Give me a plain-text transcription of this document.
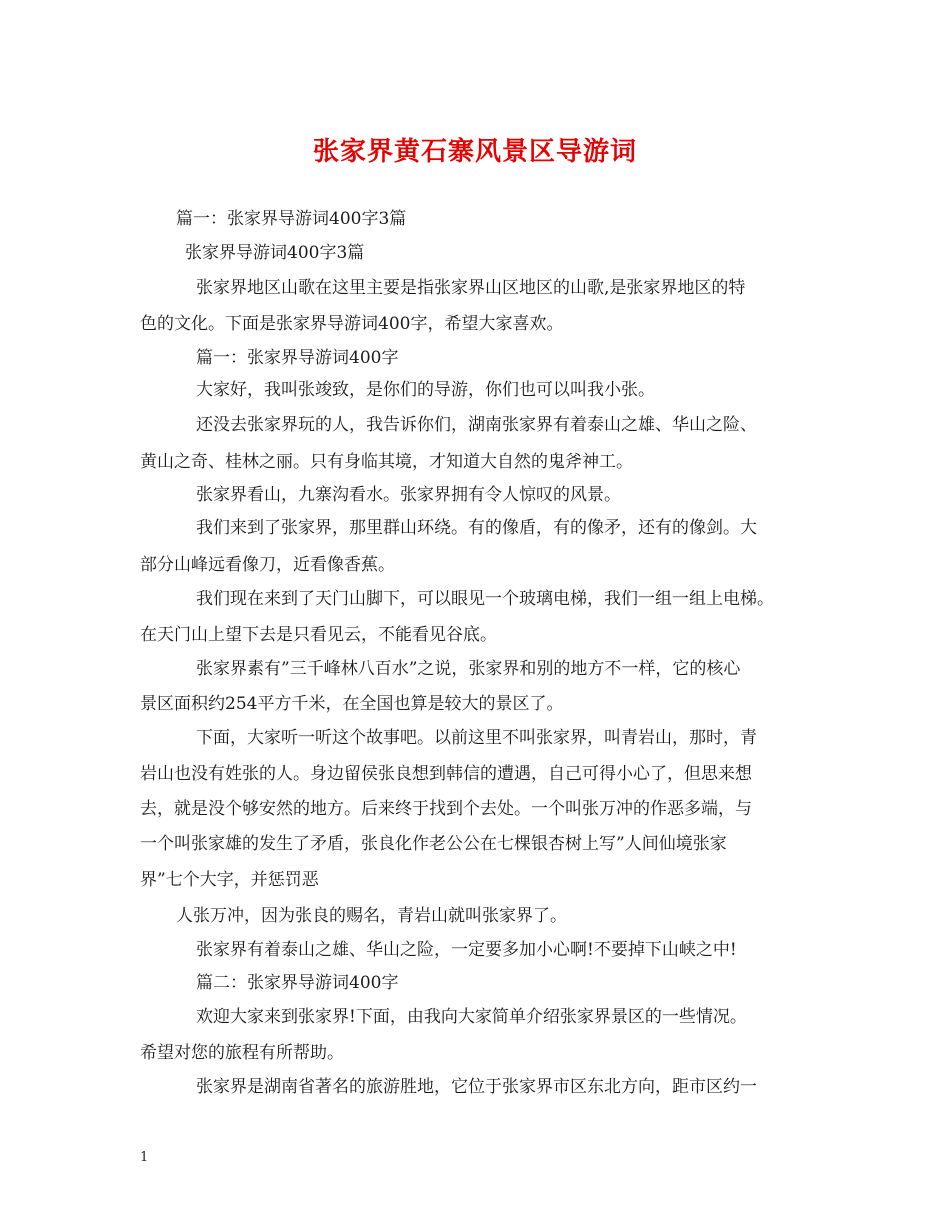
张家界黄石寨风景区导游词
篇一：张家界导游词400字3篇
张家界导游词400字3篇
张家界地区山歌在这里主要是指张家界山区地区的山歌,是张家界地区的特
色的文化。下面是张家界导游词400字，希望大家喜欢。
篇一：张家界导游词400字
大家好，我叫张竣致，是你们的导游，你们也可以叫我小张。
还没去张家界玩的人，我告诉你们，湖南张家界有着泰山之雄、华山之险、
黄山之奇、桂林之丽。只有身临其境，才知道大自然的鬼斧神工。
张家界看山，九寨沟看水。张家界拥有令人惊叹的风景。
我们来到了张家界，那里群山环绕。有的像盾，有的像矛，还有的像剑。大
部分山峰远看像刀，近看像香蕉。
我们现在来到了天门山脚下，可以眼见一个玻璃电梯，我们一组一组上电梯。
在天门山上望下去是只看见云，不能看见谷底。
张家界素有”三千峰林八百水”之说，张家界和别的地方不一样，它的核心
景区面积约254平方千米，在全国也算是较大的景区了。
下面，大家听一听这个故事吧。以前这里不叫张家界，叫青岩山，那时，青
岩山也没有姓张的人。身边留侯张良想到韩信的遭遇，自己可得小心了，但思来想
去，就是没个够安然的地方。后来终于找到个去处。一个叫张万冲的作恶多端，与
一个叫张家雄的发生了矛盾，张良化作老公公在七棵银杏树上写”人间仙境张家
界”七个大字，并惩罚恶
人张万冲，因为张良的赐名，青岩山就叫张家界了。
张家界有着泰山之雄、华山之险，一定要多加小心啊!不要掉下山峡之中!
篇二：张家界导游词400字
欢迎大家来到张家界!下面，由我向大家简单介绍张家界景区的一些情况。
希望对您的旅程有所帮助。
张家界是湖南省著名的旅游胜地，它位于张家界市区东北方向，距市区约一
1
